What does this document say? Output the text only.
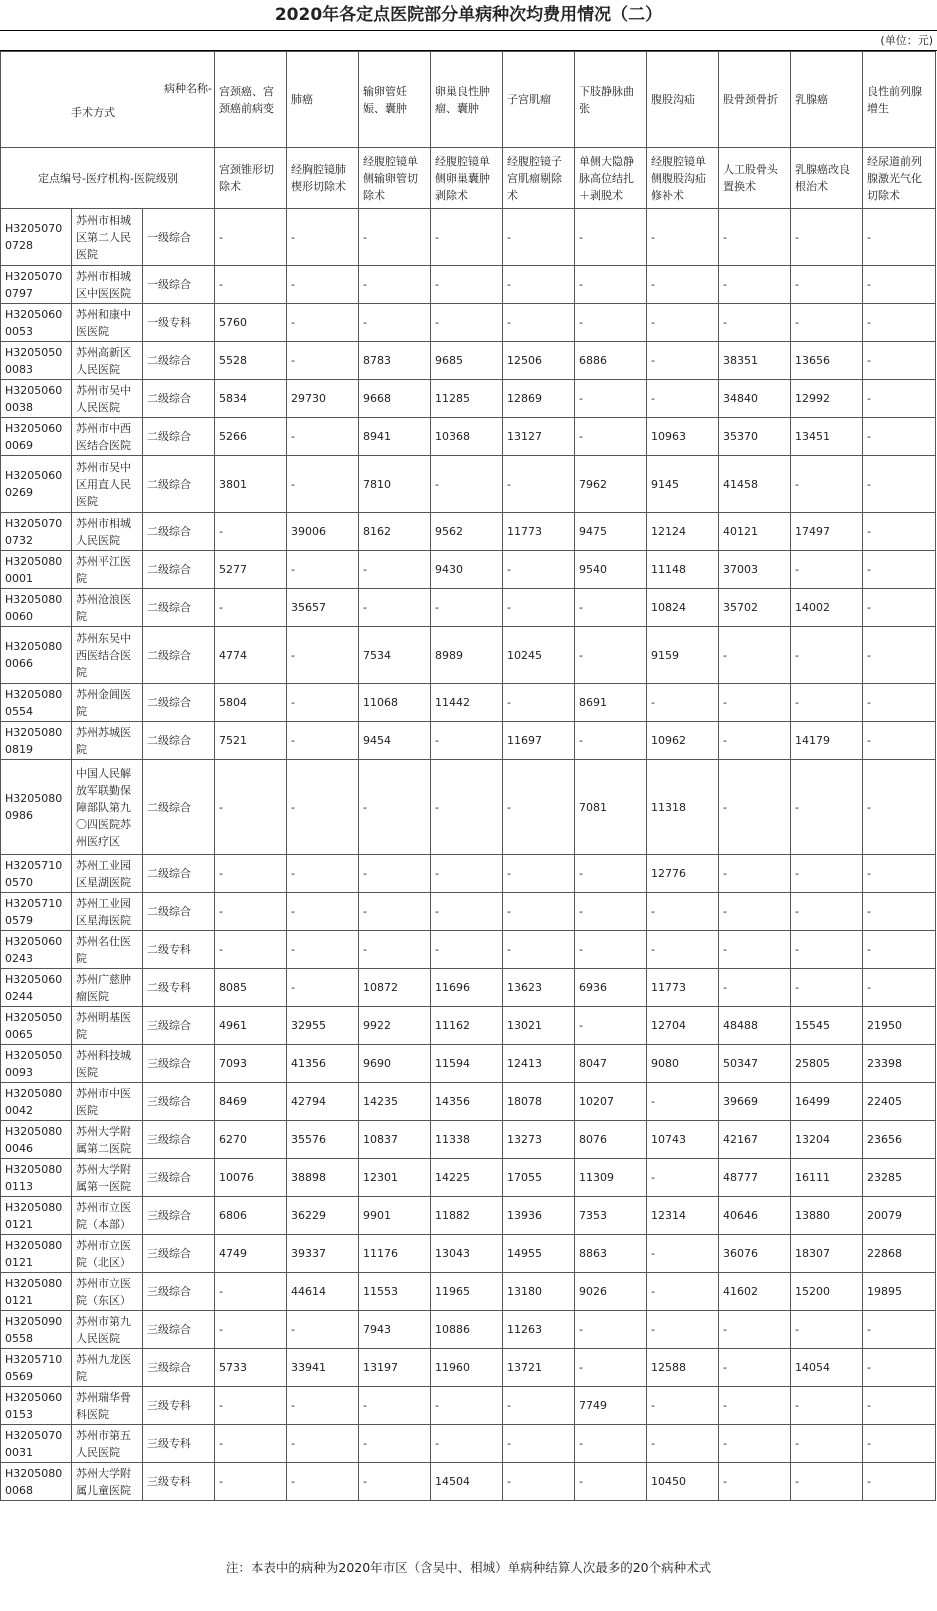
2020年各定点医院部分单病种次均费用情况（二）
(单位：元)
病种名称-
手术方式			宫颈癌、宫颈癌前病变	肺癌	输卵管妊娠、囊肿	卵巢良性肿瘤、囊肿	子宫肌瘤	下肢静脉曲张	腹股沟疝	股骨颈骨折	乳腺癌	良性前列腺增生
定点编号-医疗机构-医院级别			宫颈锥形切除术	经胸腔镜肺楔形切除术	经腹腔镜单侧输卵管切除术	经腹腔镜单侧卵巢囊肿剥除术	经腹腔镜子宫肌瘤剔除术	单侧大隐静脉高位结扎＋剥脱术	经腹腔镜单侧腹股沟疝修补术	人工股骨头置换术	乳腺癌改良根治术	经尿道前列腺激光气化切除术
H32050700728	苏州市相城区第二人民医院	一级综合	-	-	-	-	-	-	-	-	-	-
H32050700797	苏州市相城区中医医院	一级综合	-	-	-	-	-	-	-	-	-	-
H32050600053	苏州和康中医医院	一级专科	5760	-	-	-	-	-	-	-	-	-
H32050500083	苏州高新区人民医院	二级综合	5528	-	8783	9685	12506	6886	-	38351	13656	-
H32050600038	苏州市吴中人民医院	二级综合	5834	29730	9668	11285	12869	-	-	34840	12992	-
H32050600069	苏州市中西医结合医院	二级综合	5266	-	8941	10368	13127	-	10963	35370	13451	-
H32050600269	苏州市吴中区用直人民医院	二级综合	3801	-	7810	-	-	7962	9145	41458	-	-
H32050700732	苏州市相城人民医院	二级综合	-	39006	8162	9562	11773	9475	12124	40121	17497	-
H32050800001	苏州平江医院	二级综合	5277	-	-	9430	-	9540	11148	37003	-	-
H32050800060	苏州沧浪医院	二级综合	-	35657	-	-	-	-	10824	35702	14002	-
H32050800066	苏州东吴中西医结合医院	二级综合	4774	-	7534	8989	10245	-	9159	-	-	-
H32050800554	苏州金阊医院	二级综合	5804	-	11068	11442	-	8691	-	-	-	-
H32050800819	苏州苏城医院	二级综合	7521	-	9454	-	11697	-	10962	-	14179	-
H32050800986	中国人民解放军联勤保障部队第九〇四医院苏州医疗区	二级综合	-	-	-	-	-	7081	11318	-	-	-
H32057100570	苏州工业园区星湖医院	二级综合	-	-	-	-	-	-	12776	-	-	-
H32057100579	苏州工业园区星海医院	二级综合	-	-	-	-	-	-	-	-	-	-
H32050600243	苏州名仕医院	二级专科	-	-	-	-	-	-	-	-	-	-
H32050600244	苏州广慈肿瘤医院	二级专科	8085	-	10872	11696	13623	6936	11773	-	-	-
H32050500065	苏州明基医院	三级综合	4961	32955	9922	11162	13021	-	12704	48488	15545	21950
H32050500093	苏州科技城医院	三级综合	7093	41356	9690	11594	12413	8047	9080	50347	25805	23398
H32050800042	苏州市中医医院	三级综合	8469	42794	14235	14356	18078	10207	-	39669	16499	22405
H32050800046	苏州大学附属第二医院	三级综合	6270	35576	10837	11338	13273	8076	10743	42167	13204	23656
H32050800113	苏州大学附属第一医院	三级综合	10076	38898	12301	14225	17055	11309	-	48777	16111	23285
H32050800121	苏州市立医院（本部）	三级综合	6806	36229	9901	11882	13936	7353	12314	40646	13880	20079
H32050800121	苏州市立医院（北区）	三级综合	4749	39337	11176	13043	14955	8863	-	36076	18307	22868
H32050800121	苏州市立医院（东区）	三级综合	-	44614	11553	11965	13180	9026	-	41602	15200	19895
H32050900558	苏州市第九人民医院	三级综合	-	-	7943	10886	11263	-	-	-	-	-
H32057100569	苏州九龙医院	三级综合	5733	33941	13197	11960	13721	-	12588	-	14054	-
H32050600153	苏州瑞华骨科医院	三级专科	-	-	-	-	-	7749	-	-	-	-
H32050700031	苏州市第五人民医院	三级专科	-	-	-	-	-	-	-	-	-	-
H32050800068	苏州大学附属儿童医院	三级专科	-	-	-	14504	-	-	10450	-	-	-
注：本表中的病种为2020年市区（含吴中、相城）单病种结算人次最多的20个病种术式
